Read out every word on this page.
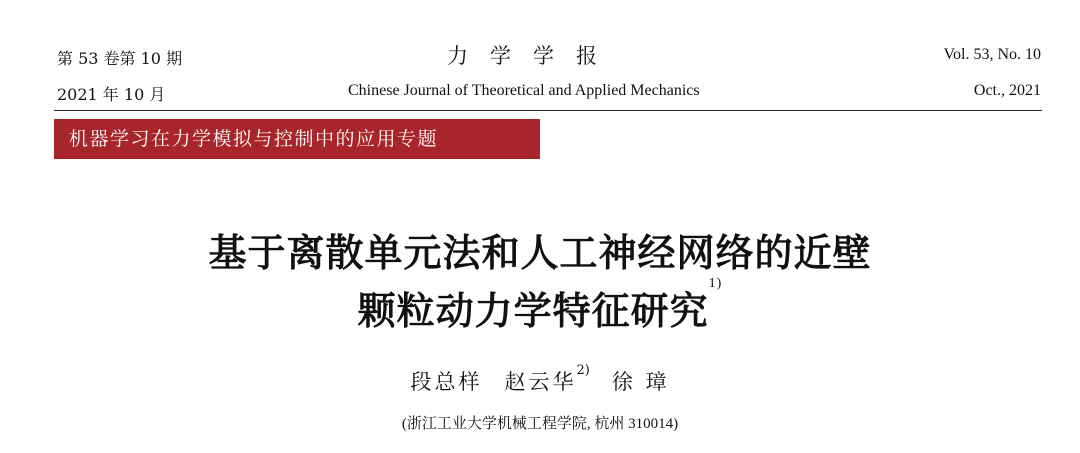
第 53 卷第 10 期	力学学报	Vol. 53, No. 10
2021 年 10 月	Chinese Journal of Theoretical and Applied Mechanics	Oct., 2021
机器学习在力学模拟与控制中的应用专题
基于离散单元法和人工神经网络的近壁
颗粒动力学特征研究$^{1)}$
段总样 赵云华$^{2)}$ 徐 璋
(浙江工业大学机械工程学院, 杭州 310014)
